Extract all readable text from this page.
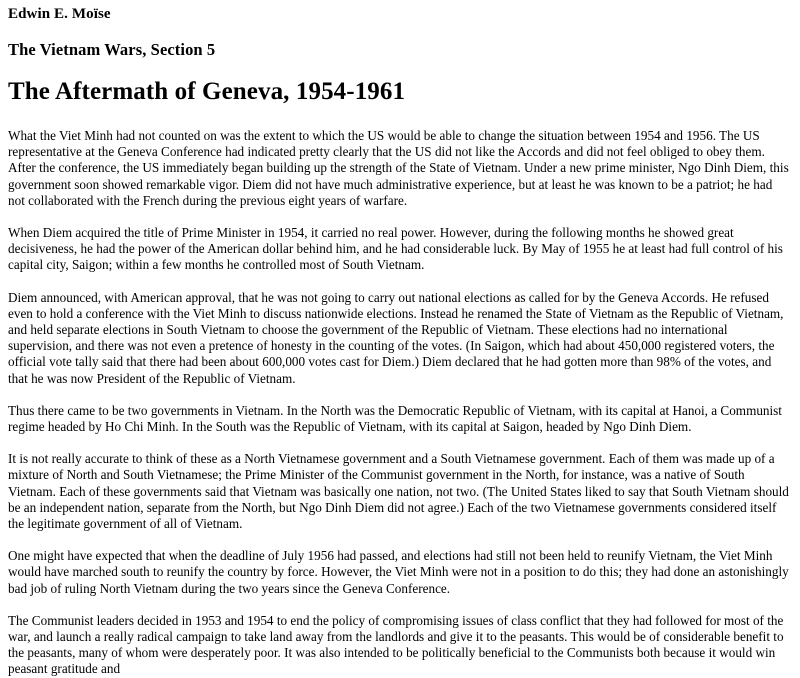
Edwin E. Moïse
The Vietnam Wars, Section 5
The Aftermath of Geneva, 1954-1961

What the Viet Minh had not counted on was the extent to which the US would be able to change the situation between 1954 and 1956. The US representative at the Geneva Conference had indicated pretty clearly that the US did not like the Accords and did not feel obliged to obey them. After the conference, the US immediately began building up the strength of the State of Vietnam. Under a new prime minister, Ngo Dinh Diem, this government soon showed remarkable vigor. Diem did not have much administrative experience, but at least he was known to be a patriot; he had not collaborated with the French during the previous eight years of warfare.

When Diem acquired the title of Prime Minister in 1954, it carried no real power. However, during the following months he showed great decisiveness, he had the power of the American dollar behind him, and he had considerable luck. By May of 1955 he at least had full control of his capital city, Saigon; within a few months he controlled most of South Vietnam.

Diem announced, with American approval, that he was not going to carry out national elections as called for by the Geneva Accords. He refused even to hold a conference with the Viet Minh to discuss nationwide elections. Instead he renamed the State of Vietnam as the Republic of Vietnam, and held separate elections in South Vietnam to choose the government of the Republic of Vietnam. These elections had no international supervision, and there was not even a pretence of honesty in the counting of the votes. (In Saigon, which had about 450,000 registered voters, the official vote tally said that there had been about 600,000 votes cast for Diem.) Diem declared that he had gotten more than 98% of the votes, and that he was now President of the Republic of Vietnam.

Thus there came to be two governments in Vietnam. In the North was the Democratic Republic of Vietnam, with its capital at Hanoi, a Communist regime headed by Ho Chi Minh. In the South was the Republic of Vietnam, with its capital at Saigon, headed by Ngo Dinh Diem.

It is not really accurate to think of these as a North Vietnamese government and a South Vietnamese government. Each of them was made up of a mixture of North and South Vietnamese; the Prime Minister of the Communist government in the North, for instance, was a native of South Vietnam. Each of these governments said that Vietnam was basically one nation, not two. (The United States liked to say that South Vietnam should be an independent nation, separate from the North, but Ngo Dinh Diem did not agree.) Each of the two Vietnamese governments considered itself the legitimate government of all of Vietnam.

One might have expected that when the deadline of July 1956 had passed, and elections had still not been held to reunify Vietnam, the Viet Minh would have marched south to reunify the country by force. However, the Viet Minh were not in a position to do this; they had done an astonishingly bad job of ruling North Vietnam during the two years since the Geneva Conference.

The Communist leaders decided in 1953 and 1954 to end the policy of compromising issues of class conflict that they had followed for most of the war, and launch a really radical campaign to take land away from the landlords and give it to the peasants. This would be of considerable benefit to the peasants, many of whom were desperately poor. It was also intended to be politically beneficial to the Communists both because it would win peasant gratitude and
